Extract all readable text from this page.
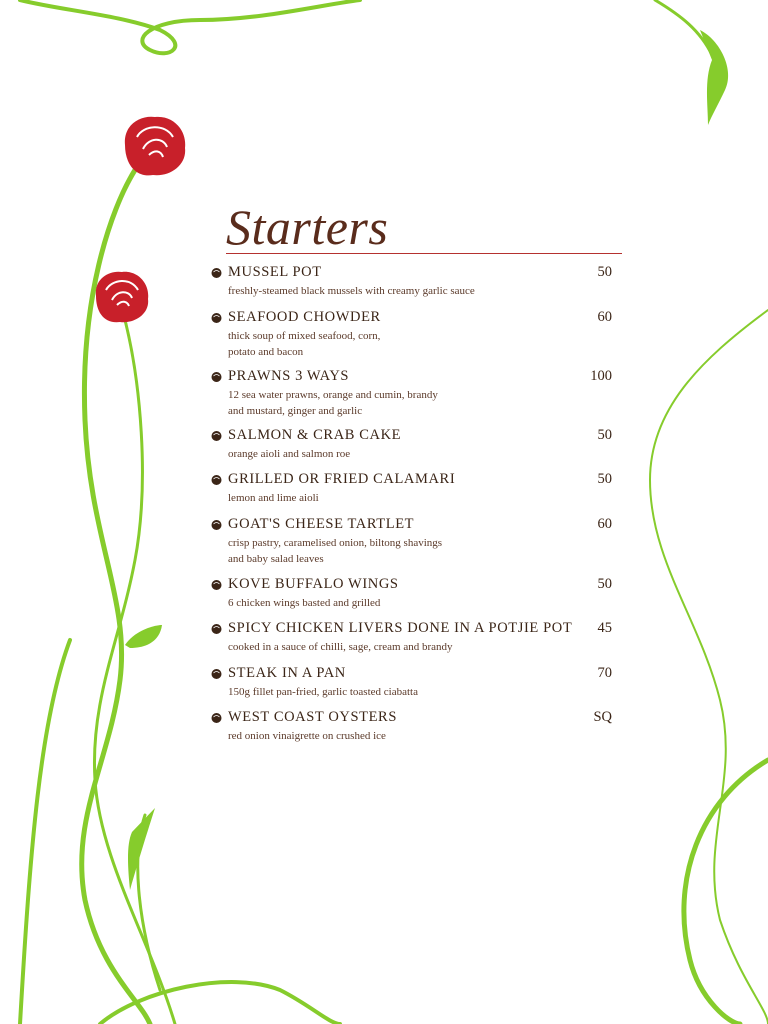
Starters
MUSSEL POT	50
freshly-steamed black mussels with creamy garlic sauce
SEAFOOD CHOWDER	60
thick soup of mixed seafood, corn,
potato and bacon
PRAWNS 3 WAYS	100
12 sea water prawns, orange and cumin, brandy
and mustard, ginger and garlic
SALMON & CRAB CAKE	50
orange aioli and salmon roe
GRILLED OR FRIED CALAMARI	50
lemon and lime aioli
GOAT'S CHEESE TARTLET	60
crisp pastry, caramelised onion, biltong shavings
and baby salad leaves
KOVE BUFFALO WINGS	50
6 chicken wings basted and grilled
SPICY CHICKEN LIVERS DONE IN A POTJIE POT 45
cooked in a sauce of chilli, sage, cream and brandy
STEAK IN A PAN	70
150g fillet pan-fried, garlic toasted ciabatta
WEST COAST OYSTERS	SQ
red onion vinaigrette on crushed ice
